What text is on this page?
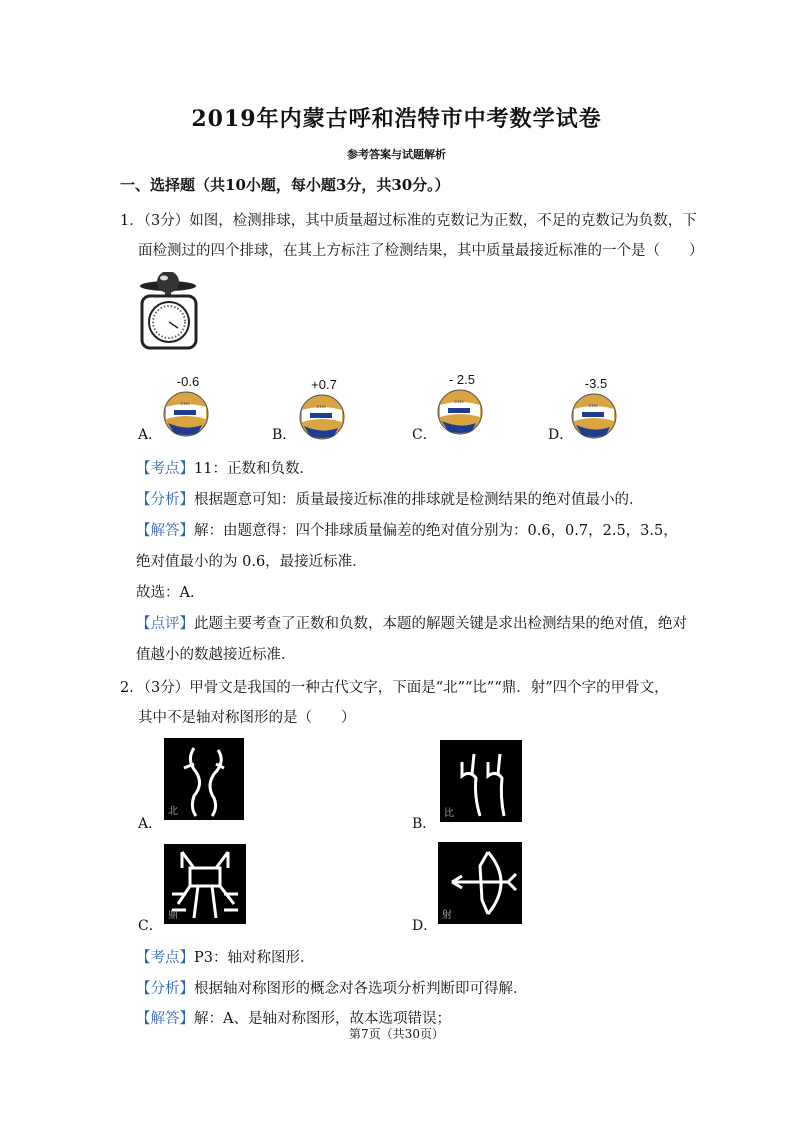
2019年内蒙古呼和浩特市中考数学试卷
参考答案与试题解析
一、选择题（共10小题，每小题3分，共30分。）
1．（3分）如图，检测排球，其中质量超过标准的克数记为正数，不足的克数记为负数，下
面检测过的四个排球，在其上方标注了检测结果，其中质量最接近标准的一个是（　　）
-0.6
DHS
A．
+0.7
DHS
B．
- 2.5
DHS
C．
-3.5
DHS
D．
【考点】11：正数和负数．
【分析】根据题意可知：质量最接近标准的排球就是检测结果的绝对值最小的．
【解答】解：由题意得：四个排球质量偏差的绝对值分别为：0.6，0.7，2.5，3.5，
绝对值最小的为 0.6，最接近标准．
故选：A．
【点评】此题主要考查了正数和负数，本题的解题关键是求出检测结果的绝对值，绝对
值越小的数越接近标准．
2．（3分）甲骨文是我国的一种古代文字，下面是“北”“比”“鼎．射”四个字的甲骨文，
其中不是轴对称图形的是（　　）
北
A．
比
B．
鼎
C．
射
D．
【考点】P3：轴对称图形．
【分析】根据轴对称图形的概念对各选项分析判断即可得解．
【解答】解：A、是轴对称图形，故本选项错误；
第7页（共30页）
